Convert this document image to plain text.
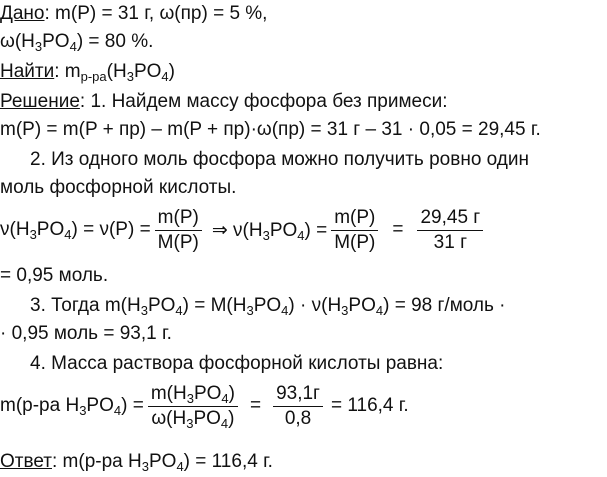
Дано: m(P) = 31 г, ω(пр) = 5 %,
$\omega(H_3PO_4) = 80$ %.
Найти: $m_{р-ра}(H_3PO_4)$
Решение: 1. Найдем массу фосфора без примеси:
m(P) = m(P + пр) – m(P + пр)·ω(пр) = 31 г – 31 · 0,05 = 29,45 г.
2. Из одного моль фосфора можно получить ровно один
моль фосфорной кислоты.
$\nu(H_3PO_4) = \nu(P) = \frac{m(P)}{M(P)}$ ⇒ $\nu(H_3PO_4) = \frac{m(P)}{M(P)} = \frac{29,45 г}{31 г}$
= 0,95 моль.
3. Тогда $m(H_3PO_4) = M(H_3PO_4) \cdot \nu(H_3PO_4) = 98$ г/моль ·
· 0,95 моль = 93,1 г.
4. Масса раствора фосфорной кислоты равна:
m(р-ра $H_3PO_4) = \frac{m(H_3PO_4)}{\omega(H_3PO_4)} = \frac{93,1г}{0,8} = 116,4$ г.
Ответ: m(р-ра $H_3PO_4) = 116,4$ г.
